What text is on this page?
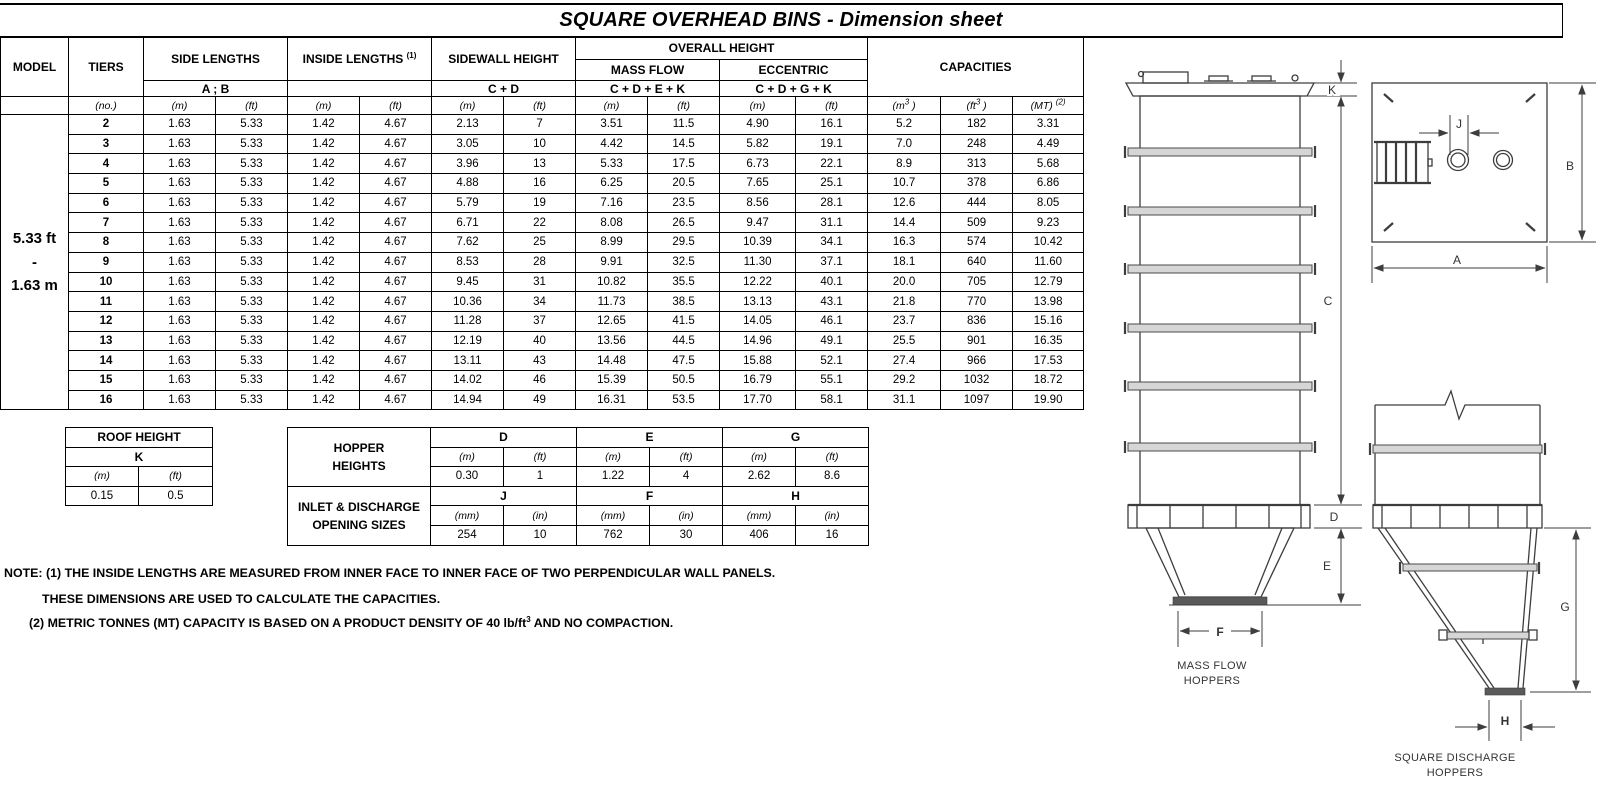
SQUARE OVERHEAD BINS - Dimension sheet
MODEL	TIERS	SIDE LENGTHS		INSIDE LENGTHS $^{(1)}$		SIDEWALL HEIGHT		OVERALL HEIGHT				CAPACITIES		
								MASS FLOW		ECCENTRIC				
		A ; B				C + D		C + D + E + K		C + D + G + K				
	(no.)	(m)	(ft)	(m)	(ft)	(m)	(ft)	(m)	(ft)	(m)	(ft)	($m^3$ )	($ft^3$ )	(MT) $^{(2)}$

5.33 ft
-
1.63 m	2	1.63	5.33	1.42	4.67	2.13	7	3.51	11.5	4.90	16.1	5.2	182	3.31
	3	1.63	5.33	1.42	4.67	3.05	10	4.42	14.5	5.82	19.1	7.0	248	4.49
	4	1.63	5.33	1.42	4.67	3.96	13	5.33	17.5	6.73	22.1	8.9	313	5.68
	5	1.63	5.33	1.42	4.67	4.88	16	6.25	20.5	7.65	25.1	10.7	378	6.86
	6	1.63	5.33	1.42	4.67	5.79	19	7.16	23.5	8.56	28.1	12.6	444	8.05
	7	1.63	5.33	1.42	4.67	6.71	22	8.08	26.5	9.47	31.1	14.4	509	9.23
	8	1.63	5.33	1.42	4.67	7.62	25	8.99	29.5	10.39	34.1	16.3	574	10.42
	9	1.63	5.33	1.42	4.67	8.53	28	9.91	32.5	11.30	37.1	18.1	640	11.60
	10	1.63	5.33	1.42	4.67	9.45	31	10.82	35.5	12.22	40.1	20.0	705	12.79
	11	1.63	5.33	1.42	4.67	10.36	34	11.73	38.5	13.13	43.1	21.8	770	13.98
	12	1.63	5.33	1.42	4.67	11.28	37	12.65	41.5	14.05	46.1	23.7	836	15.16
	13	1.63	5.33	1.42	4.67	12.19	40	13.56	44.5	14.96	49.1	25.5	901	16.35
	14	1.63	5.33	1.42	4.67	13.11	43	14.48	47.5	15.88	52.1	27.4	966	17.53
	15	1.63	5.33	1.42	4.67	14.02	46	15.39	50.5	16.79	55.1	29.2	1032	18.72
	16	1.63	5.33	1.42	4.67	14.94	49	16.31	53.5	17.70	58.1	31.1	1097	19.90
ROOF HEIGHT	
K	
(m)	(ft)
0.15	0.5
HOPPER
HEIGHTS	D		E		G	
	(m)	(ft)	(m)	(ft)	(m)	(ft)
	0.30	1	1.22	4	2.62	8.6

INLET & DISCHARGE
OPENING SIZES	J		F		H	
	(mm)	(in)	(mm)	(in)	(mm)	(in)
	254	10	762	30	406	16
NOTE: (1) THE INSIDE LENGTHS ARE MEASURED FROM INNER FACE TO INNER FACE OF TWO PERPENDICULAR WALL PANELS.
THESE DIMENSIONS ARE USED TO CALCULATE THE CAPACITIES.
(2) METRIC TONNES (MT) CAPACITY IS BASED ON A PRODUCT DENSITY OF 40 $lb/ft^3$ AND NO COMPACTION.
K
C
D
E
F
MASS FLOW
HOPPERS
J
B
A
G
H
SQUARE DISCHARGE
HOPPERS
